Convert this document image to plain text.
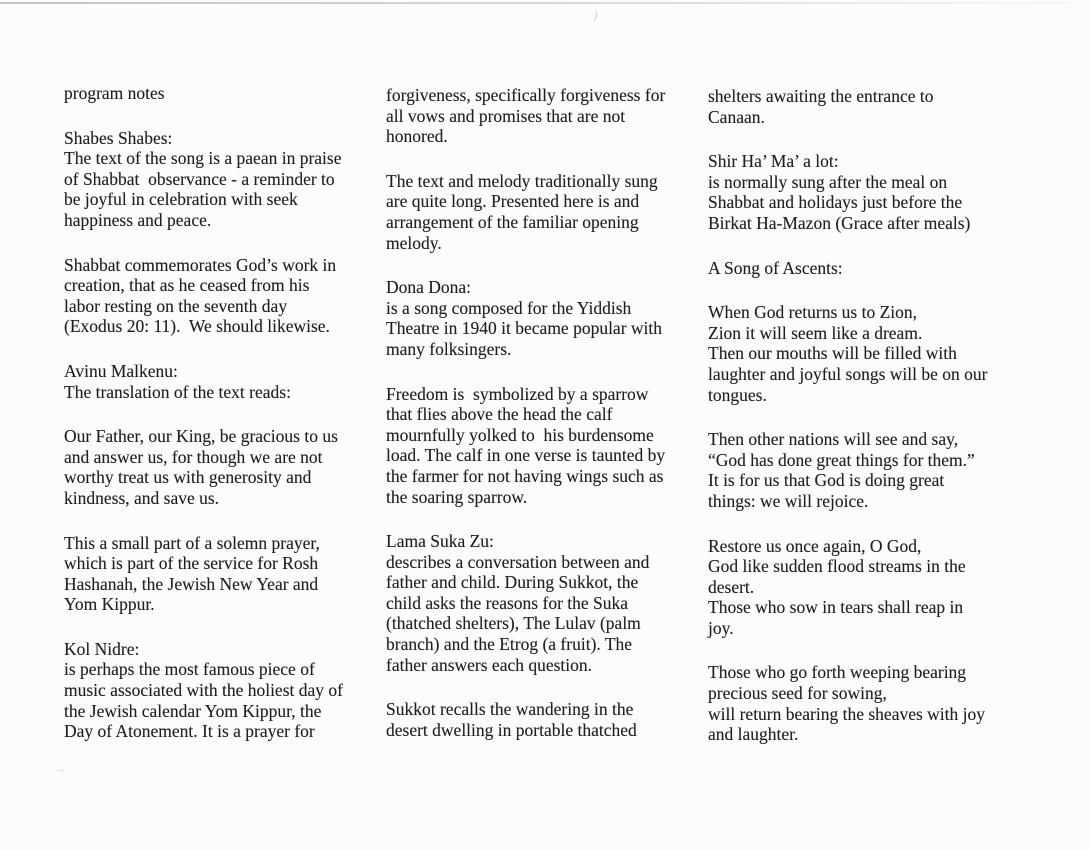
program notes
Shabes Shabes:
The text of the song is a paean in praise
of Shabbat  observance - a reminder to
be joyful in celebration with seek
happiness and peace.
Shabbat commemorates God’s work in
creation, that as he ceased from his
labor resting on the seventh day
(Exodus 20: 11).  We should likewise.
Avinu Malkenu:
The translation of the text reads:
Our Father, our King, be gracious to us
and answer us, for though we are not
worthy treat us with generosity and
kindness, and save us.
This a small part of a solemn prayer,
which is part of the service for Rosh
Hashanah, the Jewish New Year and
Yom Kippur.
Kol Nidre:
is perhaps the most famous piece of
music associated with the holiest day of
the Jewish calendar Yom Kippur, the
Day of Atonement. It is a prayer for
forgiveness, specifically forgiveness for
all vows and promises that are not
honored.
The text and melody traditionally sung
are quite long. Presented here is and
arrangement of the familiar opening
melody.
Dona Dona:
is a song composed for the Yiddish
Theatre in 1940 it became popular with
many folksingers.
Freedom is  symbolized by a sparrow
that flies above the head the calf
mournfully yolked to  his burdensome
load. The calf in one verse is taunted by
the farmer for not having wings such as
the soaring sparrow.
Lama Suka Zu:
describes a conversation between and
father and child. During Sukkot, the
child asks the reasons for the Suka
(thatched shelters), The Lulav (palm
branch) and the Etrog (a fruit). The
father answers each question.
Sukkot recalls the wandering in the
desert dwelling in portable thatched
shelters awaiting the entrance to
Canaan.
Shir Ha’ Ma’ a lot:
is normally sung after the meal on
Shabbat and holidays just before the
Birkat Ha-Mazon (Grace after meals)
A Song of Ascents:
When God returns us to Zion,
Zion it will seem like a dream.
Then our mouths will be filled with
laughter and joyful songs will be on our
tongues.
Then other nations will see and say,
“God has done great things for them.”
It is for us that God is doing great
things: we will rejoice.
Restore us once again, O God,
God like sudden flood streams in the
desert.
Those who sow in tears shall reap in
joy.
Those who go forth weeping bearing
precious seed for sowing,
will return bearing the sheaves with joy
and laughter.
)
~
